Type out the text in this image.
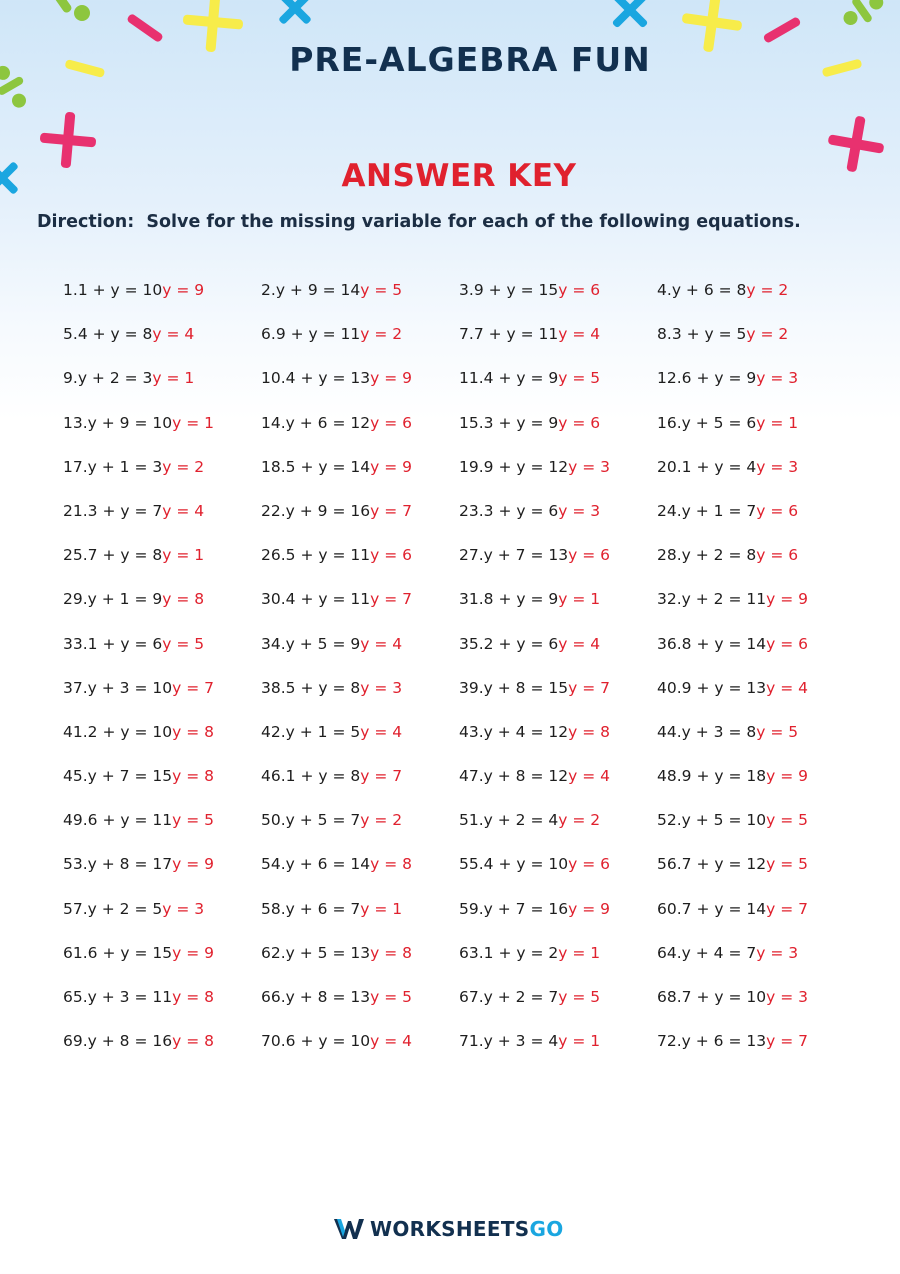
PRE-ALGEBRA FUN
ANSWER KEY
Direction:  Solve for the missing variable for each of the following equations.
1.1 + y = 10y = 9	2.y + 9 = 14y = 5	3.9 + y = 15y = 6	4.y + 6 = 8y = 2
5.4 + y = 8y = 4	6.9 + y = 11y = 2	7.7 + y = 11y = 4	8.3 + y = 5y = 2
9.y + 2 = 3y = 1	10.4 + y = 13y = 9	11.4 + y = 9y = 5	12.6 + y = 9y = 3
13.y + 9 = 10y = 1	14.y + 6 = 12y = 6	15.3 + y = 9y = 6	16.y + 5 = 6y = 1
17.y + 1 = 3y = 2	18.5 + y = 14y = 9	19.9 + y = 12y = 3	20.1 + y = 4y = 3
21.3 + y = 7y = 4	22.y + 9 = 16y = 7	23.3 + y = 6y = 3	24.y + 1 = 7y = 6
25.7 + y = 8y = 1	26.5 + y = 11y = 6	27.y + 7 = 13y = 6	28.y + 2 = 8y = 6
29.y + 1 = 9y = 8	30.4 + y = 11y = 7	31.8 + y = 9y = 1	32.y + 2 = 11y = 9
33.1 + y = 6y = 5	34.y + 5 = 9y = 4	35.2 + y = 6y = 4	36.8 + y = 14y = 6
37.y + 3 = 10y = 7	38.5 + y = 8y = 3	39.y + 8 = 15y = 7	40.9 + y = 13y = 4
41.2 + y = 10y = 8	42.y + 1 = 5y = 4	43.y + 4 = 12y = 8	44.y + 3 = 8y = 5
45.y + 7 = 15y = 8	46.1 + y = 8y = 7	47.y + 8 = 12y = 4	48.9 + y = 18y = 9
49.6 + y = 11y = 5	50.y + 5 = 7y = 2	51.y + 2 = 4y = 2	52.y + 5 = 10y = 5
53.y + 8 = 17y = 9	54.y + 6 = 14y = 8	55.4 + y = 10y = 6	56.7 + y = 12y = 5
57.y + 2 = 5y = 3	58.y + 6 = 7y = 1	59.y + 7 = 16y = 9	60.7 + y = 14y = 7
61.6 + y = 15y = 9	62.y + 5 = 13y = 8	63.1 + y = 2y = 1	64.y + 4 = 7y = 3
65.y + 3 = 11y = 8	66.y + 8 = 13y = 5	67.y + 2 = 7y = 5	68.7 + y = 10y = 3
69.y + 8 = 16y = 8	70.6 + y = 10y = 4	71.y + 3 = 4y = 1	72.y + 6 = 13y = 7
WORKSHEETSGO
